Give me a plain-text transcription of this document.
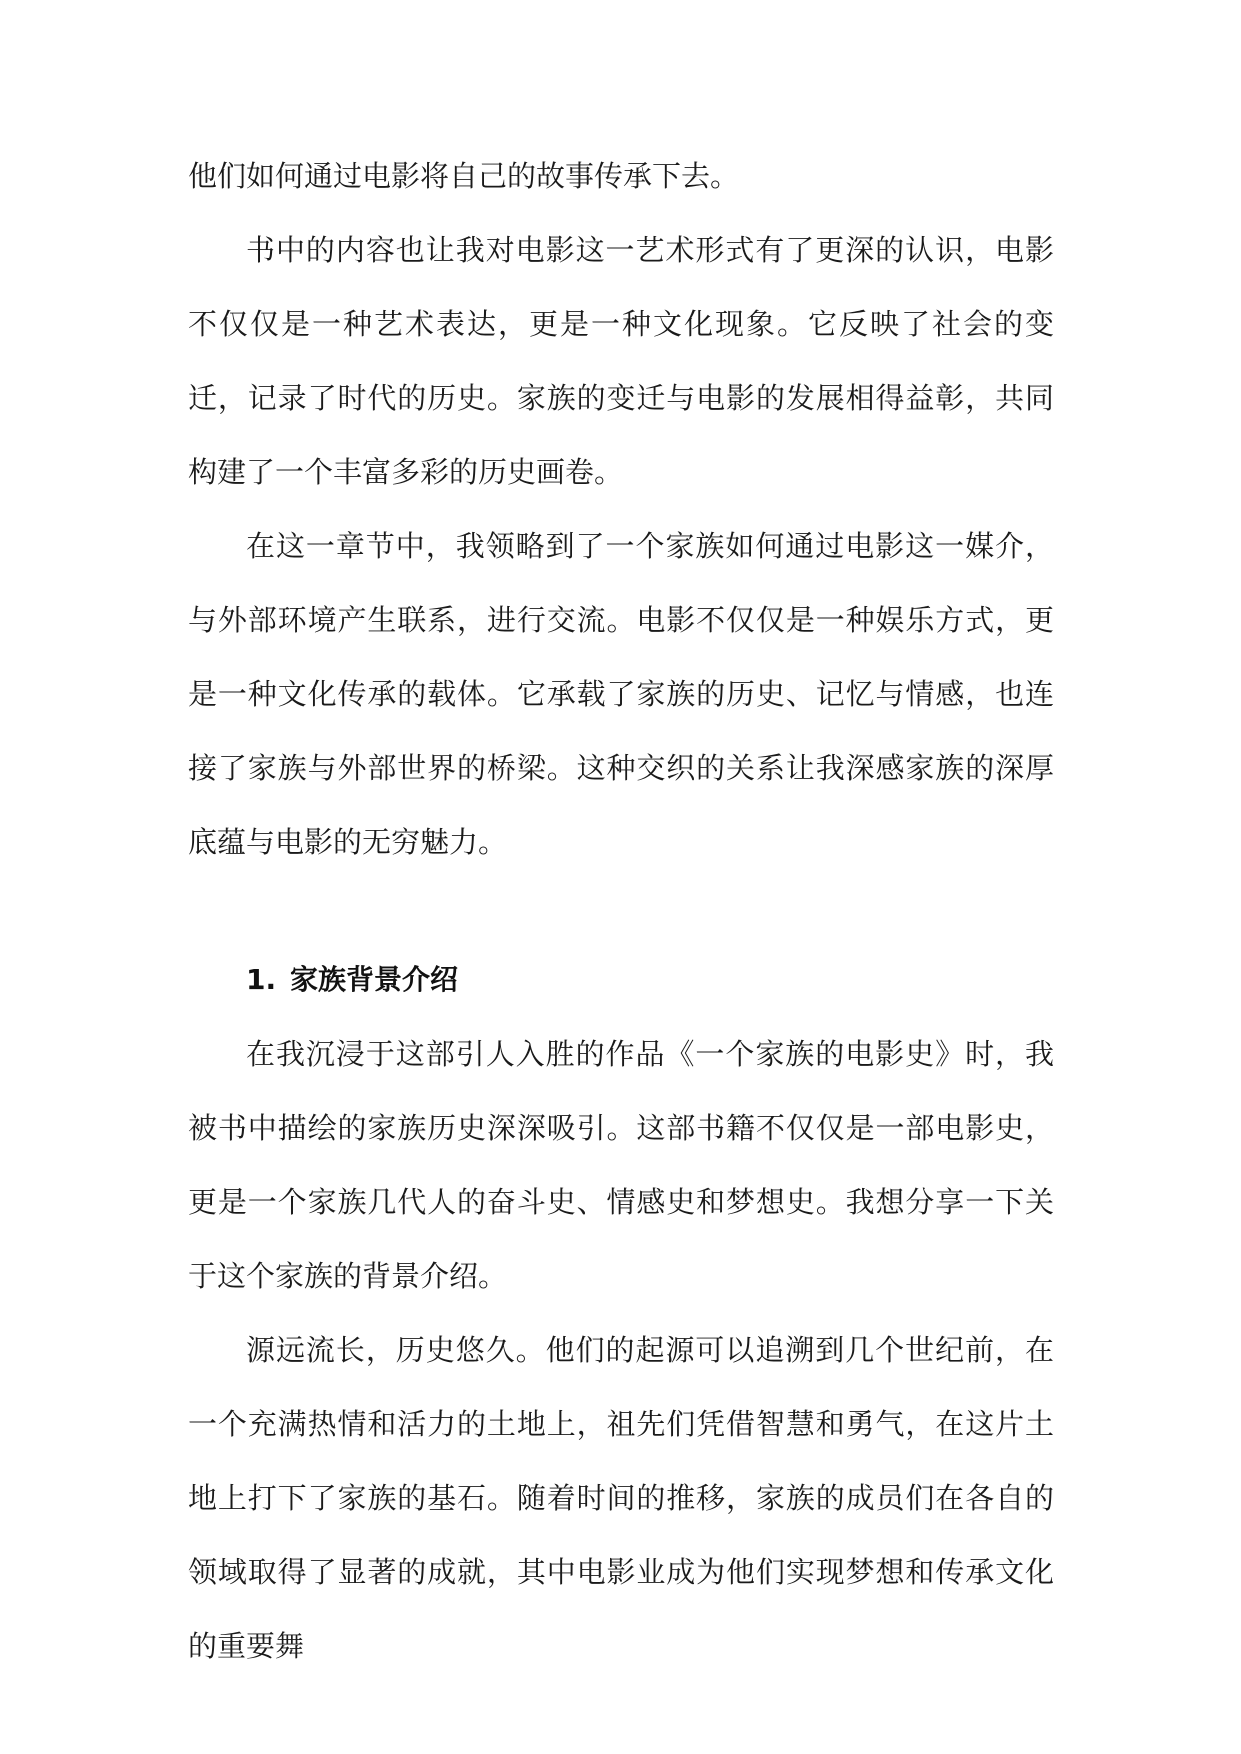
他们如何通过电影将自己的故事传承下去。

书中的内容也让我对电影这一艺术形式有了更深的认识，电影不仅仅是一种艺术表达，更是一种文化现象。它反映了社会的变迁，记录了时代的历史。家族的变迁与电影的发展相得益彰，共同构建了一个丰富多彩的历史画卷。

在这一章节中，我领略到了一个家族如何通过电影这一媒介，与外部环境产生联系，进行交流。电影不仅仅是一种娱乐方式，更是一种文化传承的载体。它承载了家族的历史、记忆与情感，也连接了家族与外部世界的桥梁。这种交织的关系让我深感家族的深厚底蕴与电影的无穷魅力。

1. 家族背景介绍

在我沉浸于这部引人入胜的作品《一个家族的电影史》时，我被书中描绘的家族历史深深吸引。这部书籍不仅仅是一部电影史，更是一个家族几代人的奋斗史、情感史和梦想史。我想分享一下关于这个家族的背景介绍。

源远流长，历史悠久。他们的起源可以追溯到几个世纪前，在一个充满热情和活力的土地上，祖先们凭借智慧和勇气，在这片土地上打下了家族的基石。随着时间的推移，家族的成员们在各自的领域取得了显著的成就，其中电影业成为他们实现梦想和传承文化的重要舞
